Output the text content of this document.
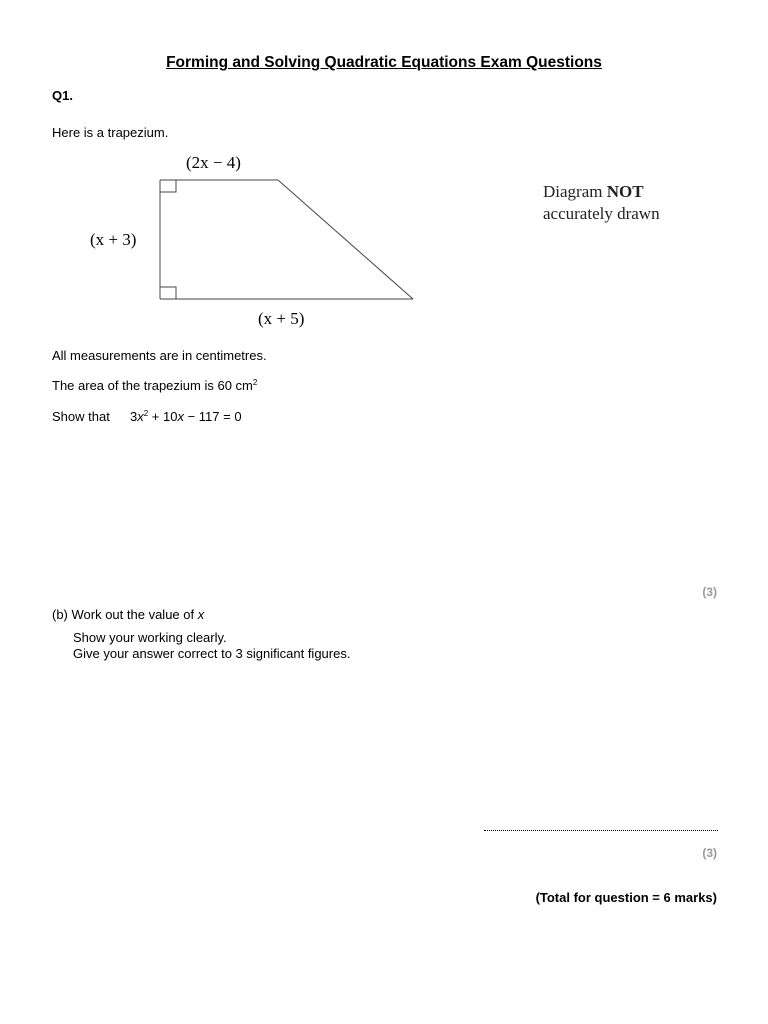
Forming and Solving Quadratic Equations Exam Questions
Q1.
Here is a trapezium.
(2x − 4)
(x + 3)
(x + 5)
Diagram NOT
accurately drawn
All measurements are in centimetres.
The area of the trapezium is 60 $cm^2$
Show that $3x^2 + 10x - 117 = 0$
(3)
(b) Work out the value of x
Show your working clearly.
Give your answer correct to 3 significant figures.
(3)
(Total for question = 6 marks)
